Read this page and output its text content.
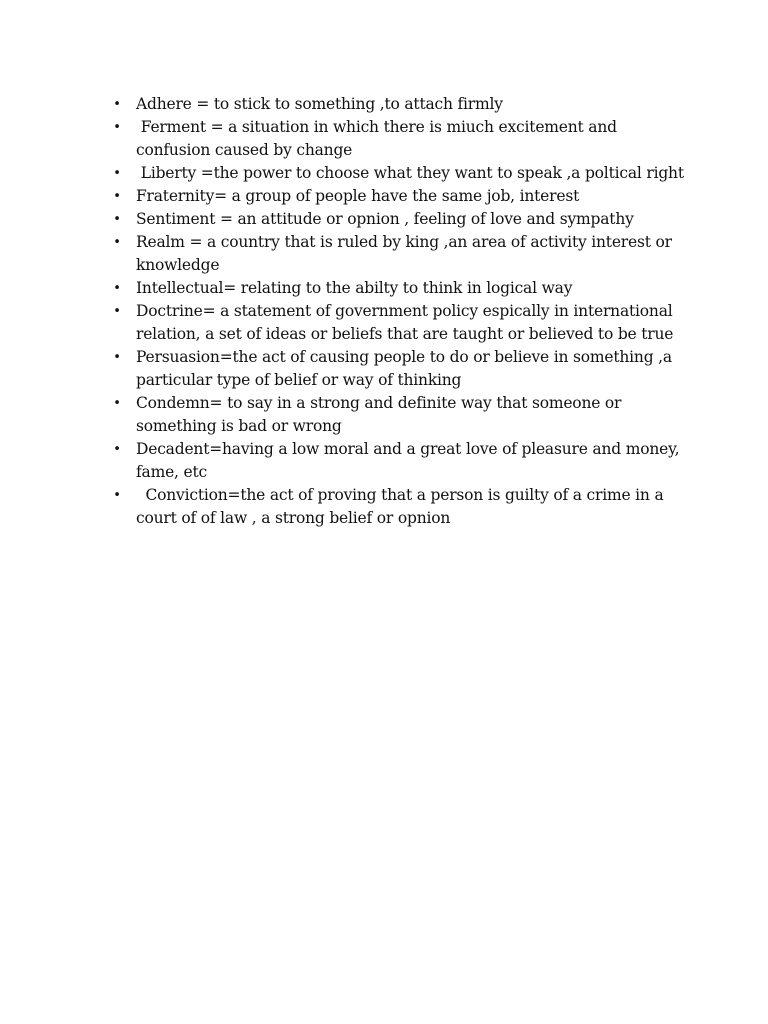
• Adhere = to stick to something ,to attach firmly
• Ferment = a situation in which there is miuch excitement and confusion caused by change
• Liberty =the power to choose what they want to speak ,a poltical right
• Fraternity= a group of people have the same job, interest
• Sentiment = an attitude or opnion , feeling of love and sympathy
• Realm = a country that is ruled by king ,an area of activity interest or knowledge
• Intellectual= relating to the abilty to think in logical way
• Doctrine= a statement of government policy espically in international relation, a set of ideas or beliefs that are taught or believed to be true
• Persuasion=the act of causing people to do or believe in something ,a particular type of belief or way of thinking
• Condemn= to say in a strong and definite way that someone or something is bad or wrong
• Decadent=having a low moral and a great love of pleasure and money, fame, etc
• Conviction=the act of proving that a person is guilty of a crime in a court of of law , a strong belief or opnion
